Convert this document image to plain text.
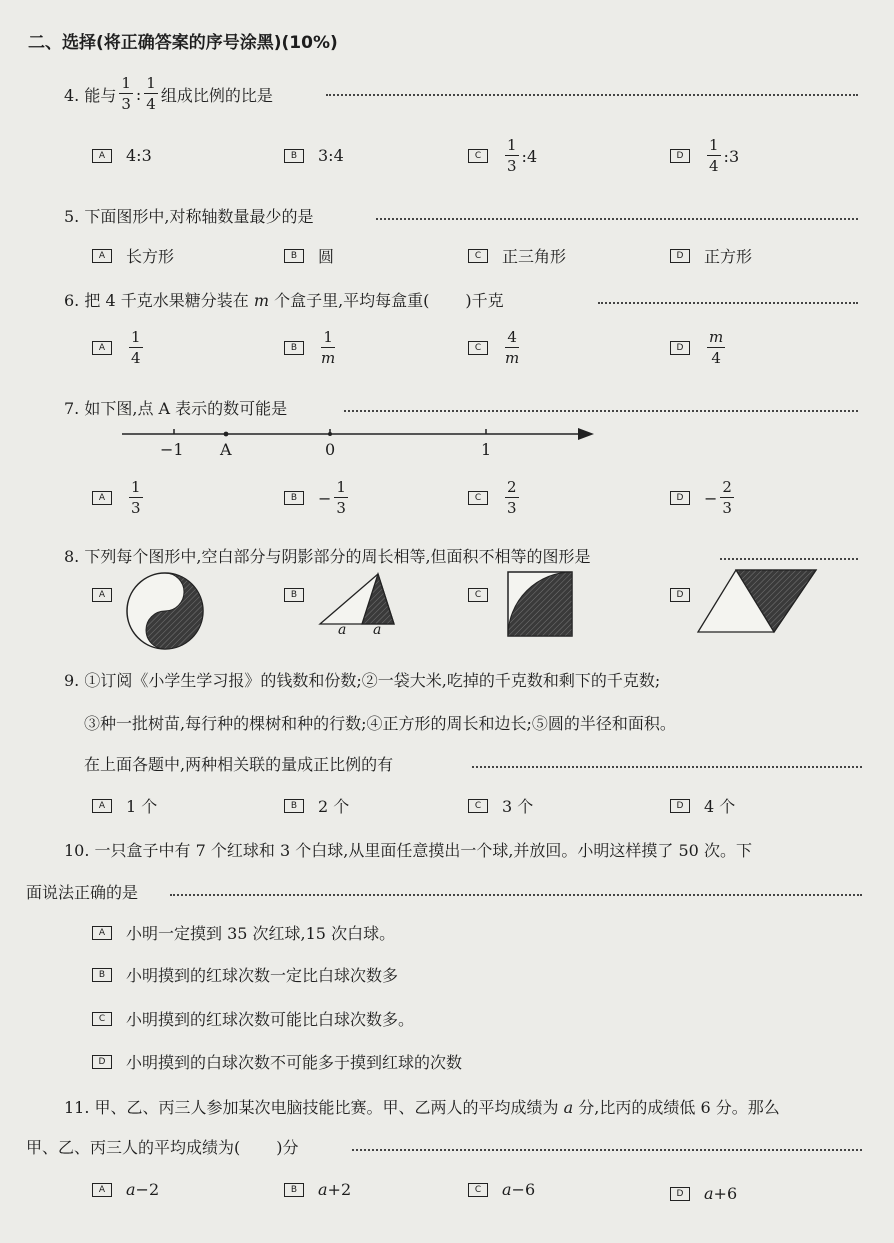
二、选择(将正确答案的序号涂黑)(10%)
4. 能与 $\frac{1}{3}$ : $\frac{1}{4}$ 组成比例的比是
A	4:3	B	3:4	C	$\frac{1}{3}$ :4	D	$\frac{1}{4}$ :3
5. 下面图形中,对称轴数量最少的是
A	长方形	B	圆	C	正三角形	D	正方形
6. 把 4 千克水果糖分装在 m 个盒子里,平均每盒重( )千克
A	$\frac{1}{4}$	B	$\frac{1}{m}$	C	$\frac{4}{m}$	D	$\frac{m}{4}$
7. 如下图,点 A 表示的数可能是
−1 A	0	1
A	$\frac{1}{3}$	B	− $\frac{1}{3}$	C	$\frac{2}{3}$	D	− $\frac{2}{3}$
8. 下列每个图形中,空白部分与阴影部分的周长相等,但面积不相等的图形是
A	B
a a
C	D
9. ①订阅《小学生学习报》的钱数和份数;②一袋大米,吃掉的千克数和剩下的千克数;
③种一批树苗,每行种的棵树和种的行数;④正方形的周长和边长;⑤圆的半径和面积。
在上面各题中,两种相关联的量成正比例的有
A	1 个	B	2 个	C	3 个	D	4 个
10. 一只盒子中有 7 个红球和 3 个白球,从里面任意摸出一个球,并放回。小明这样摸了 50 次。下
面说法正确的是
A	小明一定摸到 35 次红球,15 次白球。
B	小明摸到的红球次数一定比白球次数多
C	小明摸到的红球次数可能比白球次数多。
D	小明摸到的白球次数不可能多于摸到红球的次数
11. 甲、乙、丙三人参加某次电脑技能比赛。甲、乙两人的平均成绩为 a 分,比丙的成绩低 6 分。那么
甲、乙、丙三人的平均成绩为( )分
A	a −2	B	a +2	C	a −6	D	a +6
